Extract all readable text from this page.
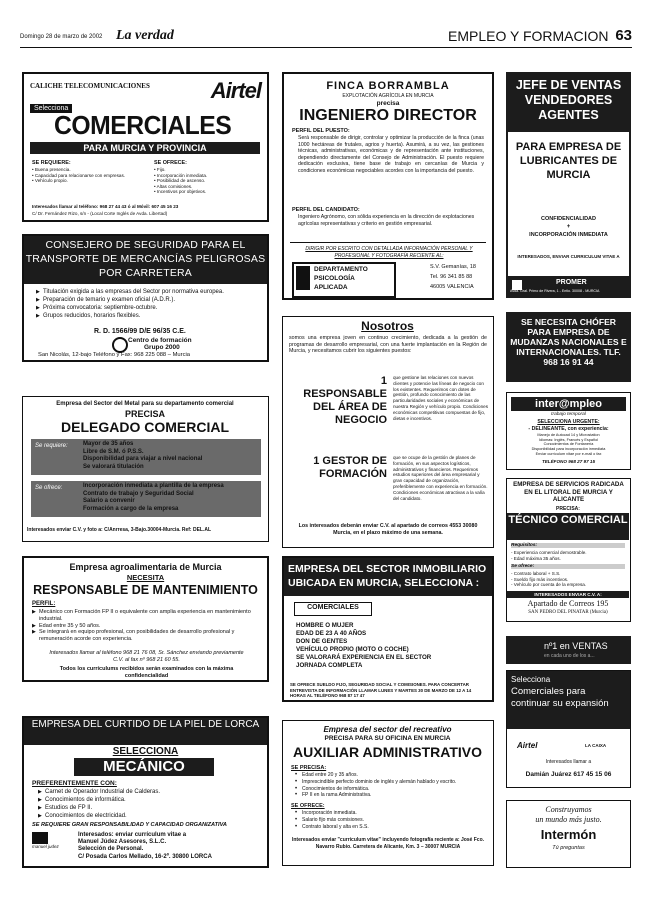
Domingo 28 de marzo de 2002 La verdad	EMPLEO Y FORMACION 63
CALICHE TELECOMUNICACIONES	Airtel
Selecciona
COMERCIALES
PARA MURCIA Y PROVINCIA
SE REQUIERE:
• Buena presencia.
• Capacidad para relacionarse con empresas.
• Vehículo propio.
SE OFRECE:
• Fijo.
• Incorporación inmediata.
• Posibilidad de ascenso.
• Altas comisiones.
• Incentivos por objetivos.
Interesados llamar al teléfono: 968 27 44 43 ó al Móvil: 607 45 16 23
C/ Dr. Fernández Rizo, s/n - (Local Corte Inglés de Avda. Libertad)
CONSEJERO DE SEGURIDAD PARA EL TRANSPORTE DE MERCANCÍAS PELIGROSAS POR CARRETERA
▶ Titulación exigida a las empresas del Sector por normativa europea.
▶ Preparación de temario y examen oficial (A.D.R.).
▶ Próxima convocatoria: septiembre-octubre.
▶ Grupos reducidos, horarios flexibles.
R. D. 1566/99 D/E 96/35 C.E.
Centro de formación
Grupo 2000
San Nicolás, 12-bajo Teléfono y Fax: 968 225 088 – Murcia
Empresa del Sector del Metal para su departamento comercial
PRECISA
DELEGADO COMERCIAL
Se requiere:	Mayor de 35 años
Libre de S.M. ó P.S.S.
Disponibilidad para viajar a nivel nacional
Se valorará titulación
Se ofrece:	Incorporación inmediata a plantilla de la empresa
Contrato de trabajo y Seguridad Social
Salario a convenir
Formación a cargo de la empresa
Interesados enviar C.V. y foto a: C/Anrresa, 3-Bajo.30004-Murcia. Ref: DEL.AL
Empresa agroalimentaria de Murcia
NECESITA
RESPONSABLE DE MANTENIMIENTO
PERFIL:
▶ Mecánico con Formación FP II o equivalente con amplia experiencia en mantenimiento industrial.
▶ Edad entre 35 y 50 años.
▶ Se integrará en equipo profesional, con posibilidades de desarrollo profesional y remuneración acorde con experiencia.
Interesados llamar al teléfono 968 21 76 08, Sr. Sánchez enviando previamente C.V. al fax nº 968 21 60 55.
Todos los currículums recibidos serán examinados con la máxima confidencialidad
EMPRESA DEL CURTIDO DE LA PIEL DE LORCA
SELECCIONA
MECÁNICO
PREFERENTEMENTE CON:
▶ Carnet de Operador Industrial de Calderas.
▶ Conocimientos de informática.
▶ Estudios de FP II.
▶ Conocimientos de electricidad.
SE REQUIERE GRAN RESPONSABILIDAD Y CAPACIDAD ORGANIZATIVA
manuel judez
Interesados: enviar currículum vitae a
Manuel Júdez Asesores, S.L.C.
Selección de Personal.
C/ Posada Carlos Mellado, 16-2º. 30800 LORCA
FINCA BORRAMBLA
EXPLOTACIÓN AGRÍCOLA EN MURCIA
precisa
INGENIERO DIRECTOR
PERFIL DEL PUESTO:
Será responsable de dirigir, controlar y optimizar la producción de la finca (unas 1000 hectáreas de frutales, agrios y huerta). Asumirá, a su vez, las gestiones técnicas, administrativas, económicas y de representación ante instituciones, dependiendo directamente del Consejo de Administración. El puesto requiere dedicación exclusiva, tiene base de trabajo en cercanías de Murcia y condiciones económicas negociables acordes con la importancia del puesto.
PERFIL DEL CANDIDATO:
Ingeniero Agrónomo, con sólida experiencia en la dirección de explotaciones agrícolas representativas y criterio en gestión empresarial.
DIRIGIR POR ESCRITO CON DETALLADA INFORMACIÓN PERSONAL Y PROFESIONAL Y FOTOGRAFÍA RECIENTE AL:
DEPARTAMENTO
PSICOLOGÍA
APLICADA
S.V. Gemanías, 18
Tel. 96 341 85 88
46005 VALENCIA
Nosotros
somos una empresa joven en continuo crecimiento, dedicada a la gestión de programas de desarrollo empresarial, con una fuerte implantación en la Región de Murcia, y necesitamos cubrir los siguientes puestos:
1 RESPONSABLE DEL ÁREA DE NEGOCIO
que gestione las relaciones con nuevos clientes y potencie las líneas de negocio con los existentes. Requerimos con dotes de gestión, profundo conocimiento de las particularidades sociales y económicas de nuestra Región y vehículo propio. Condiciones económicas competitivas compuestas de fijo, dietas e incentivos.
1 GESTOR DE FORMACIÓN
que se ocupe de la gestión de planes de formación, en sus aspectos logísticos, administrativos y financieros. Requerimos estudios superiores del área empresarial y gran capacidad de organización, preferiblemente con experiencia en formación. Condiciones económicas atractivas a la valía del candidato.
Los interesados deberán enviar C.V. al apartado de correos 4553 30080 Murcia, en el plazo máximo de una semana.
EMPRESA DEL SECTOR INMOBILIARIO UBICADA EN MURCIA, SELECCIONA :
COMERCIALES
HOMBRE O MUJER
EDAD DE 23 A 40 AÑOS
DON DE GENTES
VEHÍCULO PROPIO (MOTO O COCHE)
SE VALORARÁ EXPERIENCIA EN EL SECTOR
JORNADA COMPLETA
SE OFRECE SUELDO FIJO, SEGURIDAD SOCIAL Y COMISIONES. PARA CONCERTAR ENTREVISTA DE INFORMACIÓN LLAMAR LUNES Y MARTES 30 DE MARZO DE 12 A 14 HORAS AL TELÉFONO 968 87 17 47
Empresa del sector del recreativo
PRECISA PARA SU OFICINA EN MURCIA
AUXILIAR ADMINISTRATIVO
SE PRECISA:
• Edad entre 20 y 35 años.
• Imprescindible perfecto dominio de inglés y alemán hablado y escrito.
• Conocimientos de informática.
• FP II en la rama Administrativa.
SE OFRECE:
• Incorporación inmediata.
• Salario fijo más comisiones.
• Contrato laboral y alta en S.S.
Interesados enviar "currículum vitae" incluyendo fotografía reciente a: José Fco. Navarro Rubio. Carretera de Alicante, Km. 3 – 30007 MURCIA
JEFE DE VENTAS VENDEDORES AGENTES
PARA EMPRESA DE LUBRICANTES DE MURCIA
CONFIDENCIALIDAD
+
INCORPORACIÓN INMEDIATA
INTERESADOS, ENVIAR CURRICULUM VITAE A
PROMER
Avda. Gral. Primo de Rivera, 1 - Entlo. 30008 - MURCIA
SE NECESITA CHÓFER PARA EMPRESA DE MUDANZAS NACIONALES E INTERNACIONALES. TLF. 968 16 91 44
inter@mpleo
trabajo temporal
SELECCIONA URGENTE:
- DELINEANTE, con experiencia:
Manejo de Autocad 14 y Microstation
Idiomas: Inglés, Francés y Español
Conocimientos de Fontanería
Disponibilidad para incorporación inmediata
Enviar currículum vitae por e-mail o fax
TELÉFONO 968 27 97 15
EMPRESA DE SERVICIOS RADICADA EN EL LITORAL DE MURCIA Y ALICANTE
PRECISA:
TÉCNICO COMERCIAL
Requisitos:
- Experiencia comercial demostrable.
- Edad máxima 35 años.
Se ofrece:
- Contrato laboral + S.S.
- Sueldo fijo más incentivos.
- Vehículo por cuenta de la empresa.
INTERESADOS ENVIAR C.V. A:
Apartado de Correos 195
SAN PEDRO DEL PINATAR (Murcia)
nº1 en VENTAS
en cada uno de los a...
Selecciona
Comerciales para continuar su expansión
Airtel	LA CAIXA
Interesados llamar a
Damián Juárez 617 45 15 06
Construyamos
un mundo más justo.
Intermón
Tú preguntas
